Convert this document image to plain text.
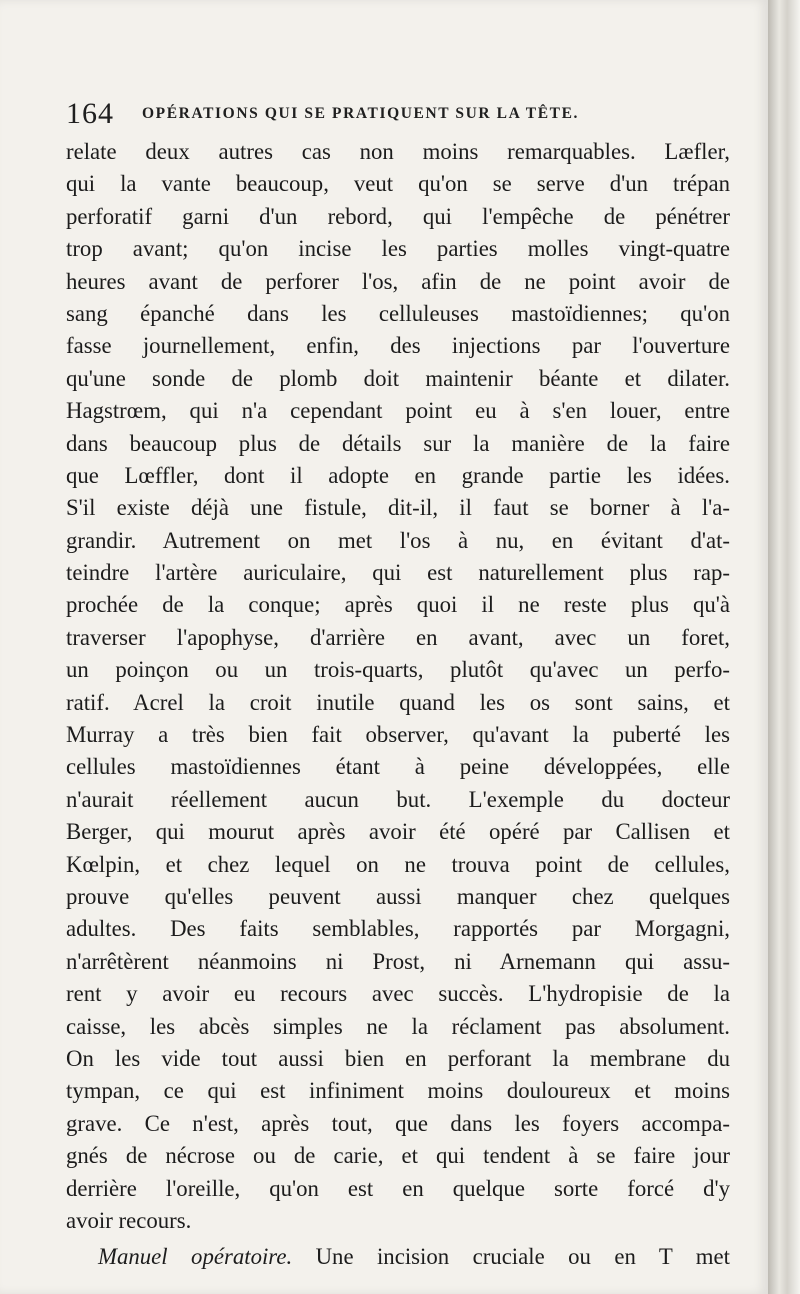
164 OPÉRATIONS QUI SE PRATIQUENT SUR LA TÊTE.
relate deux autres cas non moins remarquables. Læfler,
qui la vante beaucoup, veut qu'on se serve d'un trépan
perforatif garni d'un rebord, qui l'empêche de pénétrer
trop avant; qu'on incise les parties molles vingt-quatre
heures avant de perforer l'os, afin de ne point avoir de
sang épanché dans les celluleuses mastoïdiennes; qu'on
fasse journellement, enfin, des injections par l'ouverture
qu'une sonde de plomb doit maintenir béante et dilater.
Hagstrœm, qui n'a cependant point eu à s'en louer, entre
dans beaucoup plus de détails sur la manière de la faire
que Lœffler, dont il adopte en grande partie les idées.
S'il existe déjà une fistule, dit-il, il faut se borner à l'a-
grandir. Autrement on met l'os à nu, en évitant d'at-
teindre l'artère auriculaire, qui est naturellement plus rap-
prochée de la conque; après quoi il ne reste plus qu'à
traverser l'apophyse, d'arrière en avant, avec un foret,
un poinçon ou un trois-quarts, plutôt qu'avec un perfo-
ratif. Acrel la croit inutile quand les os sont sains, et
Murray a très bien fait observer, qu'avant la puberté les
cellules mastoïdiennes étant à peine développées, elle
n'aurait réellement aucun but. L'exemple du docteur
Berger, qui mourut après avoir été opéré par Callisen et
Kœlpin, et chez lequel on ne trouva point de cellules,
prouve qu'elles peuvent aussi manquer chez quelques
adultes. Des faits semblables, rapportés par Morgagni,
n'arrêtèrent néanmoins ni Prost, ni Arnemann qui assu-
rent y avoir eu recours avec succès. L'hydropisie de la
caisse, les abcès simples ne la réclament pas absolument.
On les vide tout aussi bien en perforant la membrane du
tympan, ce qui est infiniment moins douloureux et moins
grave. Ce n'est, après tout, que dans les foyers accompa-
gnés de nécrose ou de carie, et qui tendent à se faire jour
derrière l'oreille, qu'on est en quelque sorte forcé d'y
avoir recours.
Manuel opératoire. Une incision cruciale ou en T met
